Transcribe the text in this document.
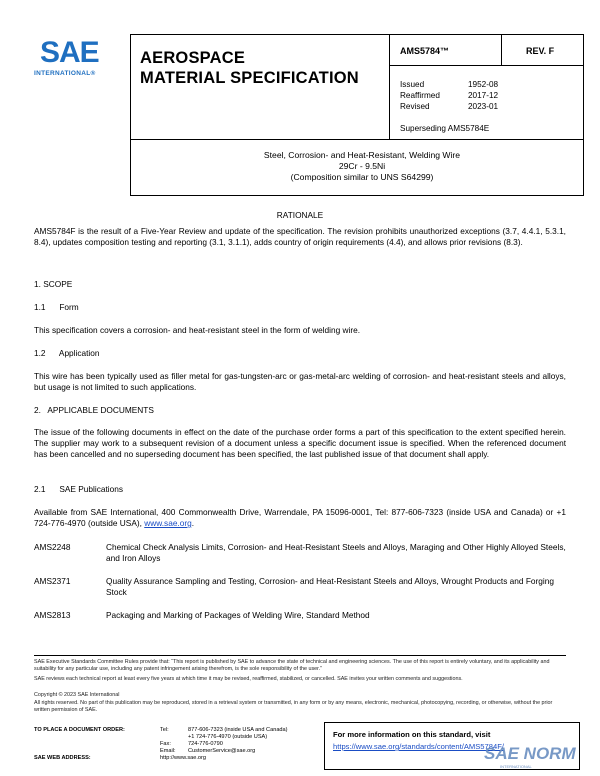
SAE
INTERNATIONAL®
AEROSPACE
MATERIAL SPECIFICATION
AMS5784™	REV. F
Issued	1952-08
Reaffirmed	2017-12
Revised	2023-01
Superseding AMS5784E
Steel, Corrosion- and Heat-Resistant, Welding Wire
29Cr - 9.5Ni
(Composition similar to UNS S64299)
RATIONALE
AMS5784F is the result of a Five-Year Review and update of the specification. The revision prohibits unauthorized exceptions (3.7, 4.4.1, 5.3.1, 8.4), updates composition testing and reporting (3.1, 3.1.1), adds country of origin requirements (4.4), and allows prior revisions (8.3).
1. SCOPE
1.1      Form
This specification covers a corrosion- and heat-resistant steel in the form of welding wire.
1.2      Application
This wire has been typically used as filler metal for gas-tungsten-arc or gas-metal-arc welding of corrosion- and heat-resistant steels and alloys, but usage is not limited to such applications.
2.   APPLICABLE DOCUMENTS
The issue of the following documents in effect on the date of the purchase order forms a part of this specification to the extent specified herein. The supplier may work to a subsequent revision of a document unless a specific document issue is specified. When the referenced document has been cancelled and no superseding document has been specified, the last published issue of that document shall apply.
2.1      SAE Publications
Available from SAE International, 400 Commonwealth Drive, Warrendale, PA 15096-0001, Tel: 877-606-7323 (inside USA and Canada) or +1 724-776-4970 (outside USA), www.sae.org.
AMS2248	Chemical Check Analysis Limits, Corrosion- and Heat-Resistant Steels and Alloys, Maraging and Other Highly Alloyed Steels, and Iron Alloys
AMS2371	Quality Assurance Sampling and Testing, Corrosion- and Heat-Resistant Steels and Alloys, Wrought Products and Forging Stock
AMS2813	Packaging and Marking of Packages of Welding Wire, Standard Method
SAE Executive Standards Committee Rules provide that: “This report is published by SAE to advance the state of technical and engineering sciences. The use of this report is entirely voluntary, and its applicability and suitability for any particular use, including any patent infringement arising therefrom, is the sole responsibility of the user.”
SAE reviews each technical report at least every five years at which time it may be revised, reaffirmed, stabilized, or cancelled. SAE invites your written comments and suggestions.
Copyright © 2023 SAE International
All rights reserved. No part of this publication may be reproduced, stored in a retrieval system or transmitted, in any form or by any means, electronic, mechanical, photocopying, recording, or otherwise, without the prior written permission of SAE.
TO PLACE A DOCUMENT ORDER:	Tel:	877-606-7323 (inside USA and Canada)
+1 724-776-4970 (outside USA)
Fax:	724-776-0790
Email:	CustomerService@sae.org
SAE WEB ADDRESS:	http://www.sae.org
For more information on this standard, visit
https://www.sae.org/standards/content/AMS5784F/
SAE NORM
INTERNATIONAL
